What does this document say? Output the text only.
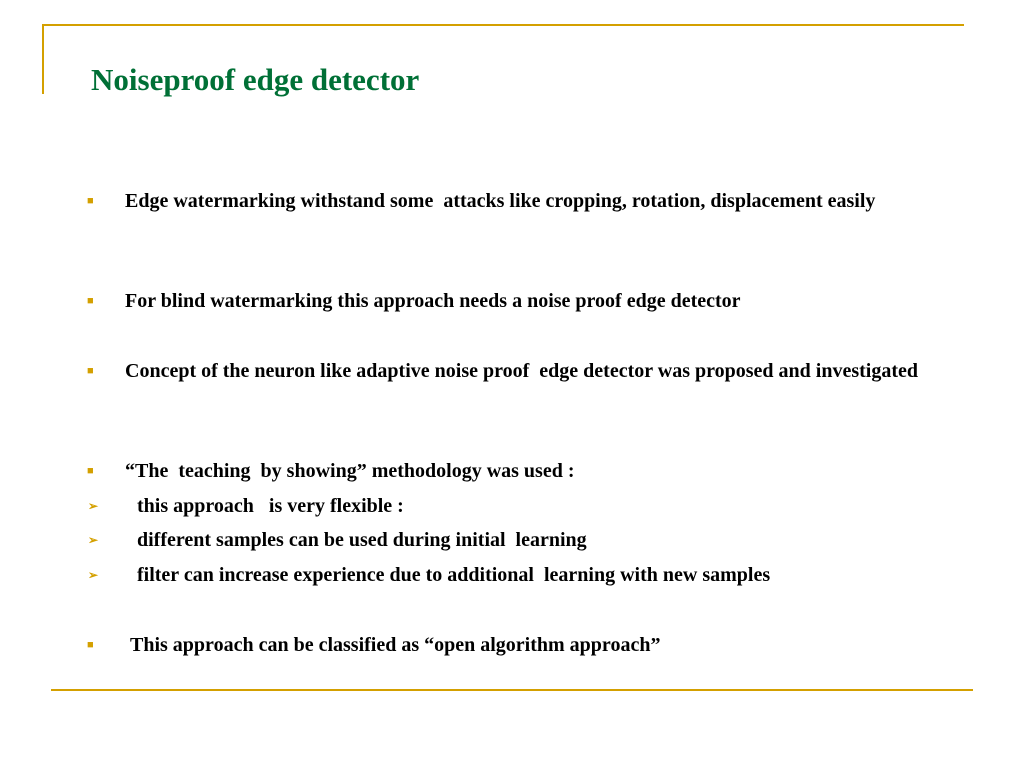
Noiseproof edge detector
■ Edge watermarking withstand some  attacks like cropping, rotation, displacement easily
■ For blind watermarking this approach needs a noise proof edge detector
■ Concept of the neuron like adaptive noise proof  edge detector was proposed and investigated
■ “The  teaching  by showing” methodology was used :
➢ this approach   is very flexible :
➢ different samples can be used during initial  learning
➢ filter can increase experience due to additional  learning with new samples
■ This approach can be classified as “open algorithm approach”
